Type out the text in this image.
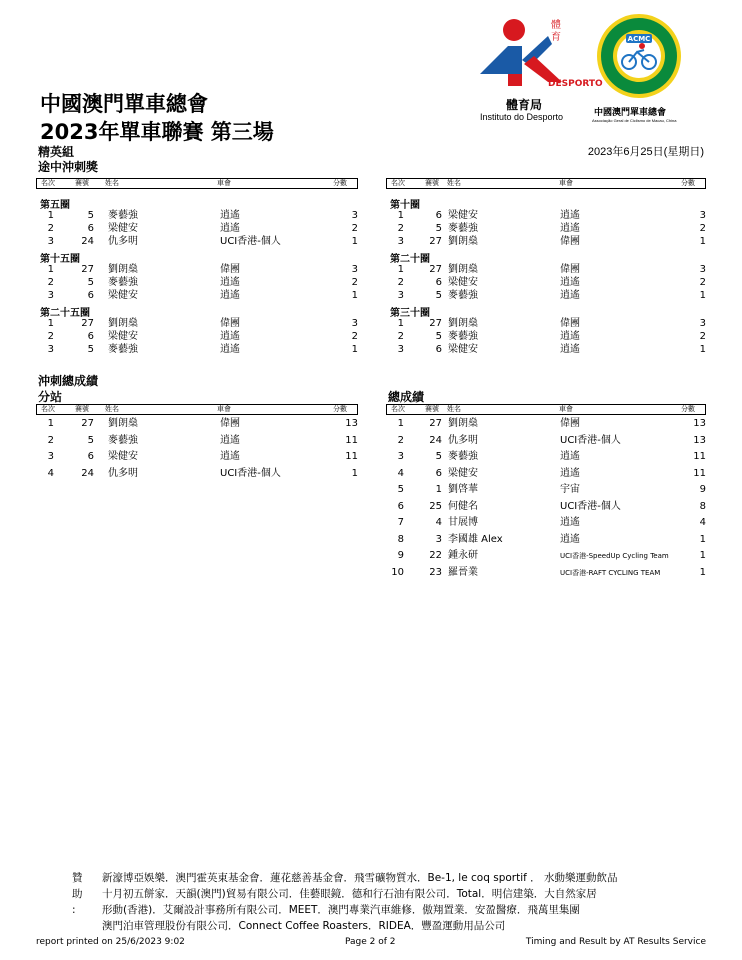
DESPORTO
體育
體育局
Instituto do Desporto
ACMC
中國澳門單車總會
Associação Geral de Ciclismo de Macau, China
中國澳門單車總會
2023年單車聯賽 第三場
精英組	2023年6月25日(星期日)
途中沖刺獎
名次	賽號 姓名	車會	分數	名次	賽號 姓名	車會	分數
第五圈
1	5 麥藝強	逍遙	3
2	6 梁健安	逍遙	2
3	24 仇多明	UCI香港-個人	1
第十五圈
1	27 劉朗燊	偉團	3
2	5 麥藝強	逍遙	2
3	6 梁健安	逍遙	1
第二十五圈
1	27 劉朗燊	偉團	3
2	6 梁健安	逍遙	2
3	5 麥藝強	逍遙	1
第十圈
1	6 梁健安	逍遙	3
2	5 麥藝強	逍遙	2
3	27 劉朗燊	偉團	1
第二十圈
1	27 劉朗燊	偉團	3
2	6 梁健安	逍遙	2
3	5 麥藝強	逍遙	1
第三十圈
1	27 劉朗燊	偉團	3
2	5 麥藝強	逍遙	2
3	6 梁健安	逍遙	1
沖刺總成績
分站	總成績
名次	賽號 姓名	車會	分數	名次	賽號 姓名	車會	分數
1	27 劉朗燊	偉團	13
2	5 麥藝強	逍遙	11
3	6 梁健安	逍遙	11
4	24 仇多明	UCI香港-個人	1
1	27 劉朗燊	偉團	13
2	24 仇多明	UCI香港-個人	13
3	5 麥藝強	逍遙	11
4	6 梁健安	逍遙	11
5	1 劉啓華	宇宙	9
6	25 何健名	UCI香港-個人	8
7	4 甘展博	逍遙	4
8	3 李國雄 Alex	逍遙	1
9	22 鍾永研	UCI香港-SpeedUp Cycling Team	1
10	23 羅晉業	UCI香港-RAFT CYCLING TEAM	1
贊助 :
新濠博亞娛樂．澳門霍英東基金會．蓮花慈善基金會．飛雪礦物質水．Be-1, le coq sportif ． 水動樂運動飲品
十月初五餅家．天韻(澳門)貿易有限公司．佳藝眼鏡．德和行石油有限公司．Total．明信建築．大自然家居
形動(香港)．艾爾設計事務所有限公司．MEET．澳門專業汽車維修．傲翔置業．安盈醫療．飛萬里集團
澳門泊車管理股份有限公司．Connect Coffee Roasters．RIDEA．豐盈運動用品公司
report printed on 25/6/2023 9:02	Page 2 of 2	Timing and Result by AT Results Service
